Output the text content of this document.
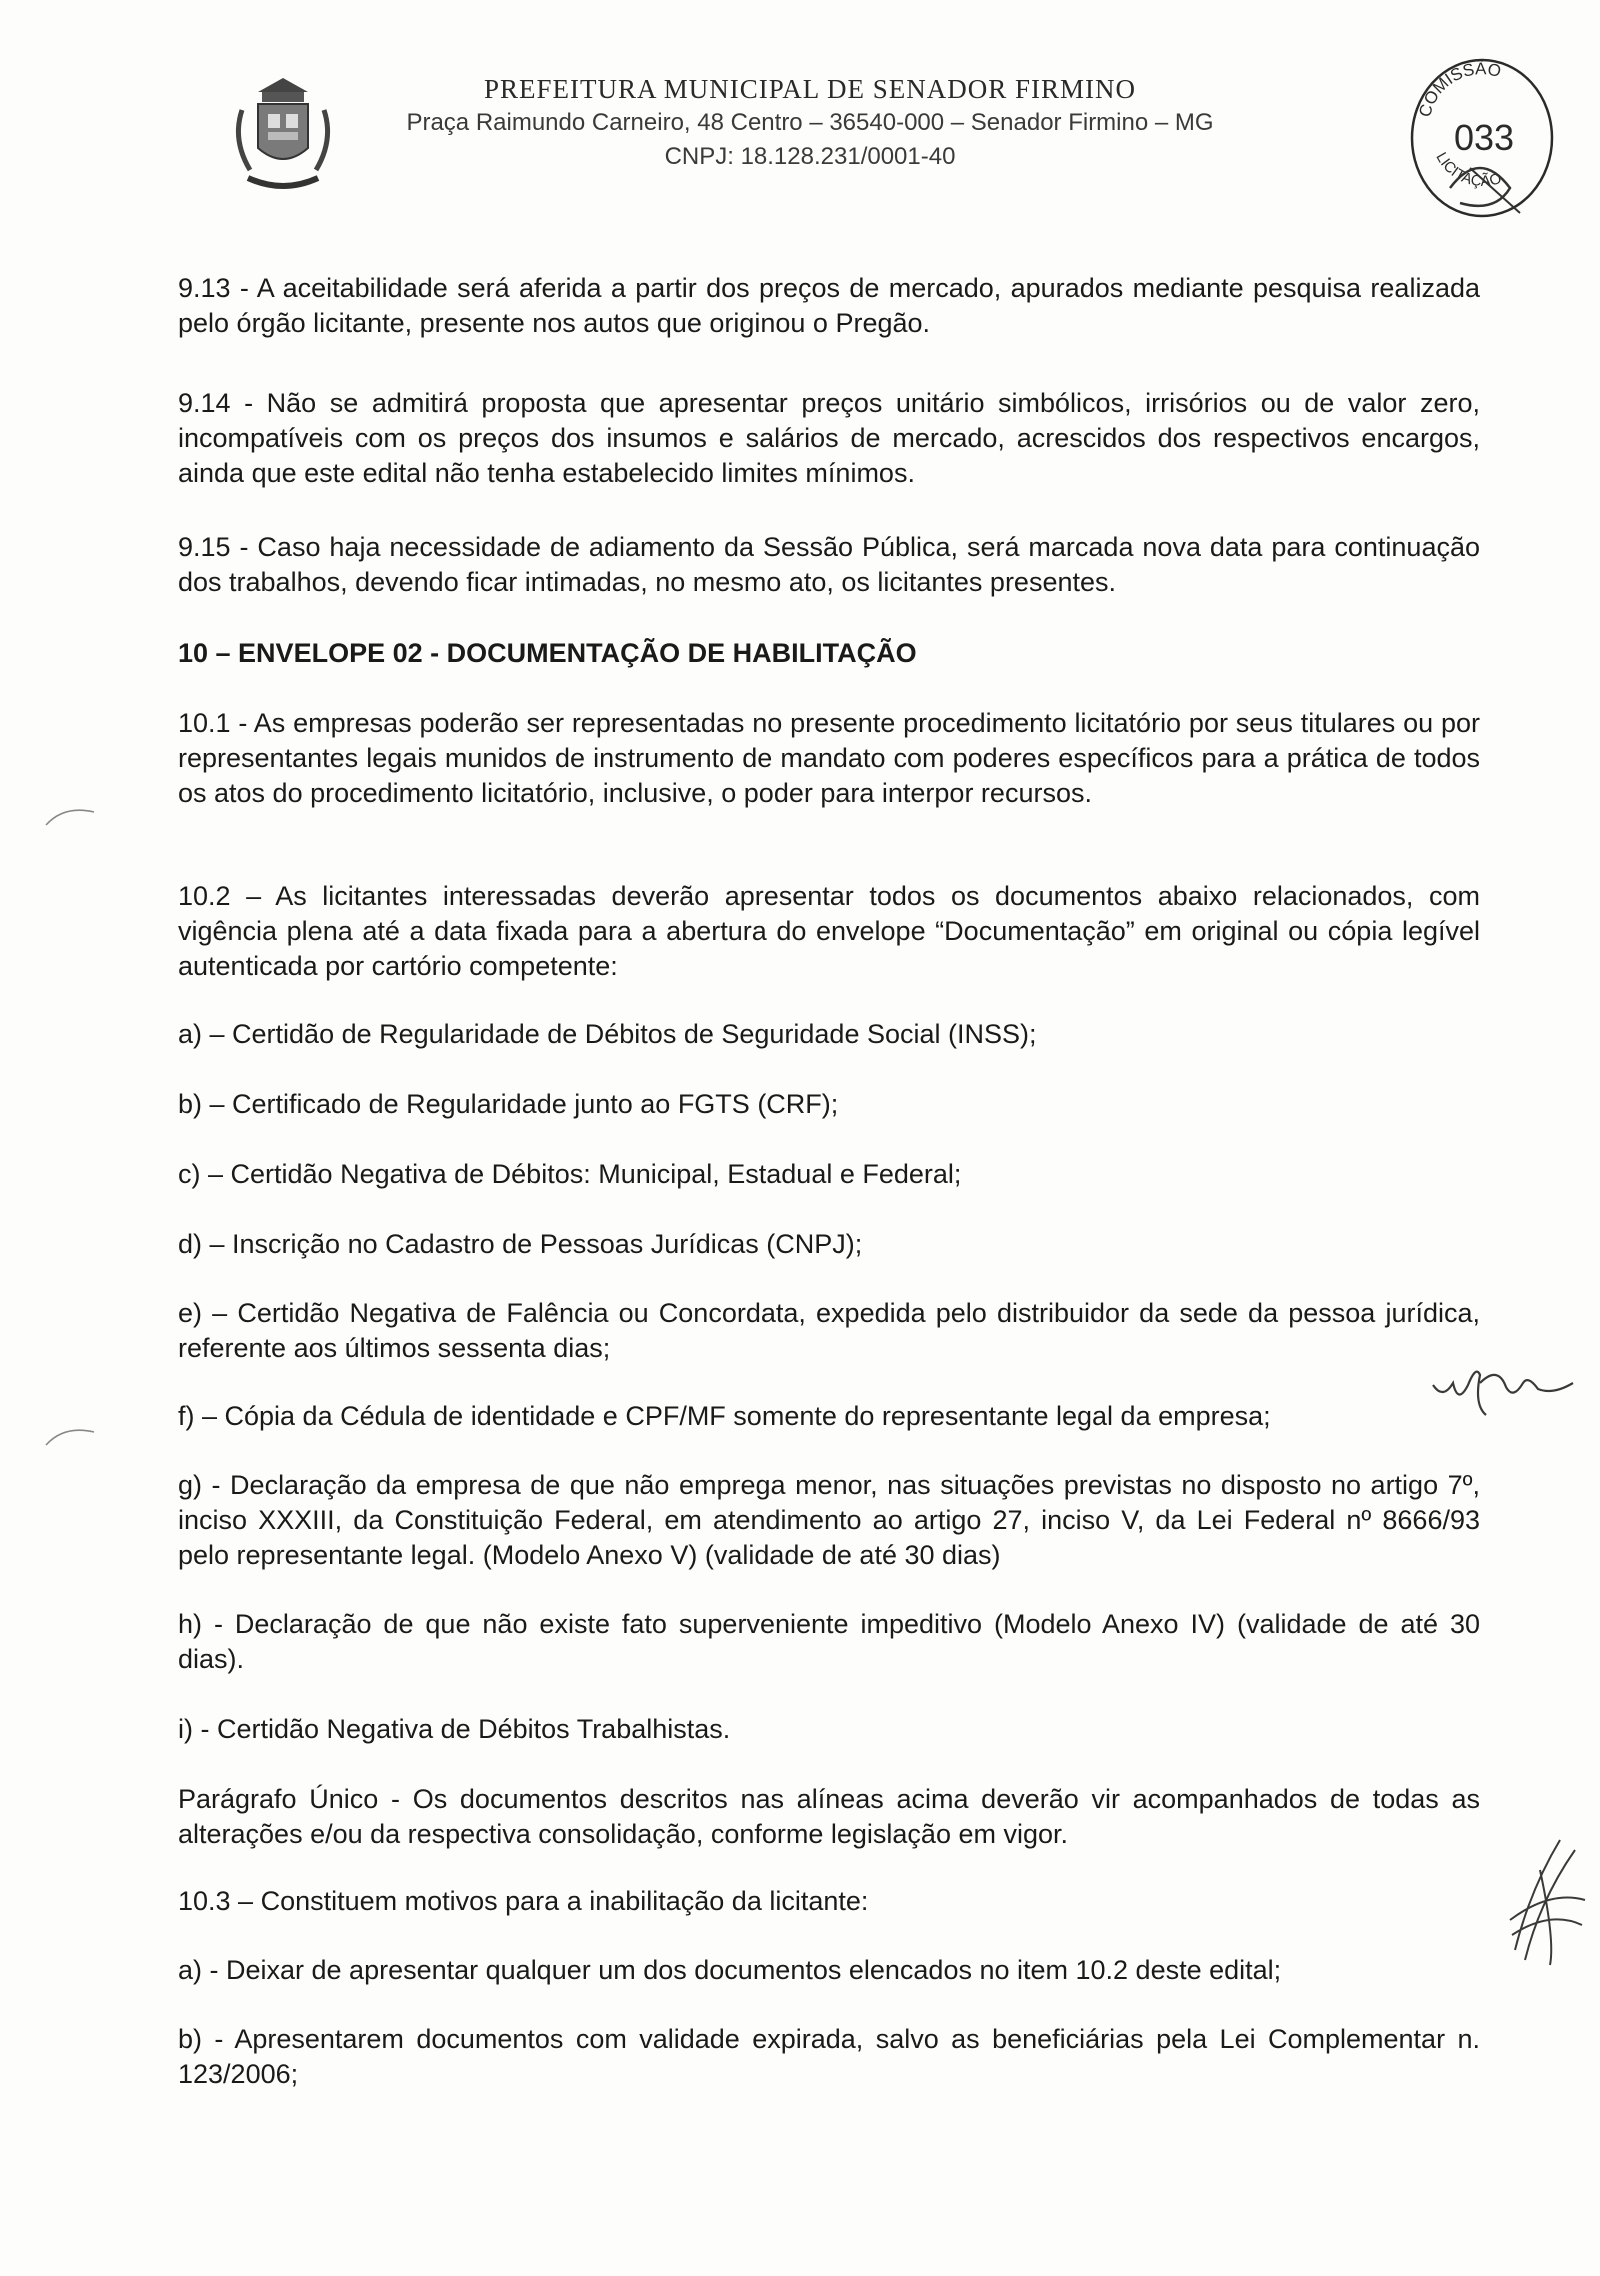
PREFEITURA MUNICIPAL DE SENADOR FIRMINO
Praça Raimundo Carneiro, 48 Centro – 36540-000 – Senador Firmino – MG
CNPJ: 18.128.231/0001-40
COMISSÃO
033
LICITAÇÃO
9.13 - A aceitabilidade será aferida a partir dos preços de mercado, apurados mediante pesquisa realizada pelo órgão licitante, presente nos autos que originou o Pregão.
9.14 - Não se admitirá proposta que apresentar preços unitário simbólicos, irrisórios ou de valor zero, incompatíveis com os preços dos insumos e salários de mercado, acrescidos dos respectivos encargos, ainda que este edital não tenha estabelecido limites mínimos.
9.15 - Caso haja necessidade de adiamento da Sessão Pública, será marcada nova data para continuação dos trabalhos, devendo ficar intimadas, no mesmo ato, os licitantes presentes.
10 – ENVELOPE 02 - DOCUMENTAÇÃO DE HABILITAÇÃO
10.1 - As empresas poderão ser representadas no presente procedimento licitatório por seus titulares ou por representantes legais munidos de instrumento de mandato com poderes específicos para a prática de todos os atos do procedimento licitatório, inclusive, o poder para interpor recursos.
10.2 – As licitantes interessadas deverão apresentar todos os documentos abaixo relacionados, com vigência plena até a data fixada para a abertura do envelope “Documentação” em original ou cópia legível autenticada por cartório competente:
a) – Certidão de Regularidade de Débitos de Seguridade Social (INSS);
b) – Certificado de Regularidade junto ao FGTS (CRF);
c) – Certidão Negativa de Débitos: Municipal, Estadual e Federal;
d) – Inscrição no Cadastro de Pessoas Jurídicas (CNPJ);
e) – Certidão Negativa de Falência ou Concordata, expedida pelo distribuidor da sede da pessoa jurídica, referente aos últimos sessenta dias;
f) – Cópia da Cédula de identidade e CPF/MF somente do representante legal da empresa;
g) - Declaração da empresa de que não emprega menor, nas situações previstas no disposto no artigo 7º, inciso XXXIII, da Constituição Federal, em atendimento ao artigo 27, inciso V, da Lei Federal nº 8666/93 pelo representante legal. (Modelo Anexo V) (validade de até 30 dias)
h) - Declaração de que não existe fato superveniente impeditivo (Modelo Anexo IV) (validade de até 30 dias).
i) - Certidão Negativa de Débitos Trabalhistas.
Parágrafo Único - Os documentos descritos nas alíneas acima deverão vir acompanhados de todas as alterações e/ou da respectiva consolidação, conforme legislação em vigor.
10.3 – Constituem motivos para a inabilitação da licitante:
a) - Deixar de apresentar qualquer um dos documentos elencados no item 10.2 deste edital;
b) - Apresentarem documentos com validade expirada, salvo as beneficiárias pela Lei Complementar n. 123/2006;
